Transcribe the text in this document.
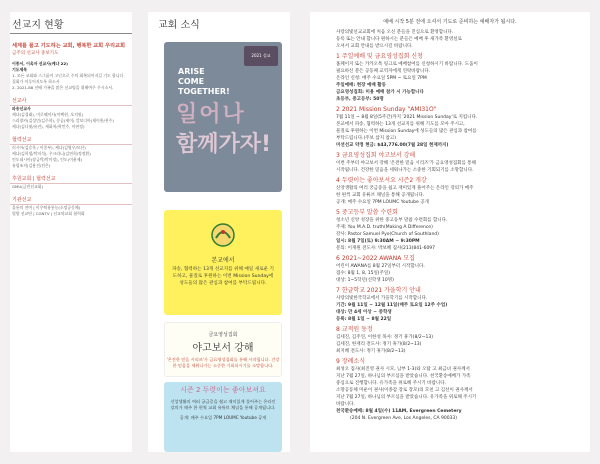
선교지 현황
세계를 품고 기도하는 교회, 행복한 교회 우리교회
금주의 선교사 중보기도
이종서, 이옥자 선교사(케냐 22)
기도제목
1. 모든 교회와 스그룹이 고난으로 주의 회복되어지길 기도 합니다
집회가 이루어지도록 하소서
2. 2021-88 선배 가족을 많은 선교팀을 위해여주 주시소서.
선교사
파송선교사
케냐(김경태), 미로웨이사(이택현, 오지원)
스리랑카(김성민/김주희), 몽골(제이) 캄보디아(제이흥/찬주)
케냐(김다윗/유진), 세화척(곽인주, 이연정)
협력선교
러시아(김승욱 / 이종부), 케냐(김영우/모산)
케냐(김희생/박지석), 우크라니(김연희/정정환)
인도네시아(장금박/박미정), 인도(이윤제)
유럽조직(김용진/전은)
후원교회 | 협력선교
GMU(금빈선교회)
기관선교
울릉의 전여 | 이우떡유통농(소망공동체)
열방 선교단 | CGNTV | 선교약교회 협력회
교회 소식
2021 설교
ARISE
COME
TOGETHER!
일어나
함께가자!
본교에서
파송, 협력하는 13개 선교지를 위해 매일 새로운 기도하고, 물질로 후원하는 이번 Mission Sunday에 성도들의 많은 관심과 참여를 부탁드립니다.
금요영성집회
야고보서 강해
'온전한 믿음 시리즈'가 금요영성집회를 통해 시작됩니다. 건강한 믿음을 세워나가는 소중한 기회되시기를 소망합니다.
시즌 2 두렷이는 좋아보셔요
신앙생활의 여러 궁금증을 쉽고 재미있게 풀어주는 온라인 강의가 매주 한 편씩 교회 유튜브 채널을 통해 공개됩니다.
공개: 매주 수요일 7PM LOUMC Youtube 공개
예배 시작 5분 전에 오셔서 기도로 준비하는 예배자가 됩시다.
사랑의빛선교교회에 처음 오신 분들을 진심으로 환영합니다.
등록 또는 안내 합니다 원하시는 분들은 예배 후 새가족 환영실로
오셔서 교회 안내를 받으시길 바랍니다.
1 주일예배 및 금요영성집회 신청
홈페이지 또는 카카오톡 링크로 예배참여를 신청하시기 바랍니다. 도움이
필요하신 분은 공동체 교역자에게 연락바랍니다.
온라인 신청: 매주 수요일 5PM ~ 토요일 7PM
주일예배: 현장 예배 활동
금요영성집회: 미용 예배 참가 시 가능합니다
초등부, 중고등부: 50명
2 2021 Mission Sunday "AMI31O"
7월 11일 ~ 8월 8일(5주간)까지 '2021 Mission Sunday'로 지킵니다.
본교에서 파송, 협력하는 13개 선교지를 위해 기도를 모아 주시고,
물질로 후원하는 이번 Mission Sunday에 성도들의 많은 관심과 참여를
부탁드립니다.(주보 삽지 참고)
미션선교 약정 현금: $43,776.00(7월 28일 현재까지)
3 금요영성집회 야고보서 강해
이번 주부터 야고보서 강해 '온전한 믿음 시리즈'가 금요영성집회를 통해
시작됩니다. 건강한 믿음을 세워나가는 소중한 기회되기를 소망합니다.
4 두렷이는 좋아보셔요 시즌2 개강
신앙생활의 여러 궁금증을 쉽고 재미있게 풀어주는 온라인 강의가 매주
한 편씩 교회 유튜브 채널을 통해 공개됩니다.
공개: 매주 수요일 7PM LOUMC Youtube 공개
5 중고등부 말씀 수련회
청소년 신앙 성장을 위한 중고등부 말씀 수련회를 합니다.
주제: You M.A.D. truth(Making A Difference)
강사: Pastor Samuel Pyo(Church of Southland)
일시: 8월 7일(토) 9:30AM ~ 9:30PM
문의: 이재원 전도사: 박보혜 집사(213)841-6097
6 2021~2022 AWANA 모집
어린이 AWANA를 8월 27일부터 시작합니다.
접수: 8월 1, 8, 15일(주일)
대상: 1~5학년(신학생 10명)
7 한글학교 2021 가을학기 안내
사랑의빛한국학교에서 가을학기를 시작합니다.
기간: 9월 11일 ~ 12월 11일(매주 토요일 12주 수업)
대상: 만 4세 이상 ~ 중학생
등록: 8월 1일 ~ 8월 22일
8 교적원 동정
김세진, 김주연, 이한성 목사: 정기 휴가(8/2~13)
김세진, 한재리 전도사: 정기 휴가(8/2~13)
최지혜 전도사: 정기 휴가(8/2~13)
9 장례소식
최성오 집사(최진영 권사 시모, 남부 1-3)와 오탐 고 최금녀 권사께서
지난 7월 27일, 하나님의 부르심을 받았습니다. 천국환송예배가 가족
중심으로 진행합니다. 유가족을 위로해 주시기 바랍니다.
소망공동체 미운이 권사(이종갑 장로 장모)의 모친 고 김선이 권사께서
지난 7월 27일, 하나님의 부르심을 받았습니다. 유가족을 위로해 주시기
바랍니다.
천국환송예배: 8월 4일(수) 11AM, Evergreen Cemetery
(204 N. Evergreen Ave, Los Angeles, CA 90033)
